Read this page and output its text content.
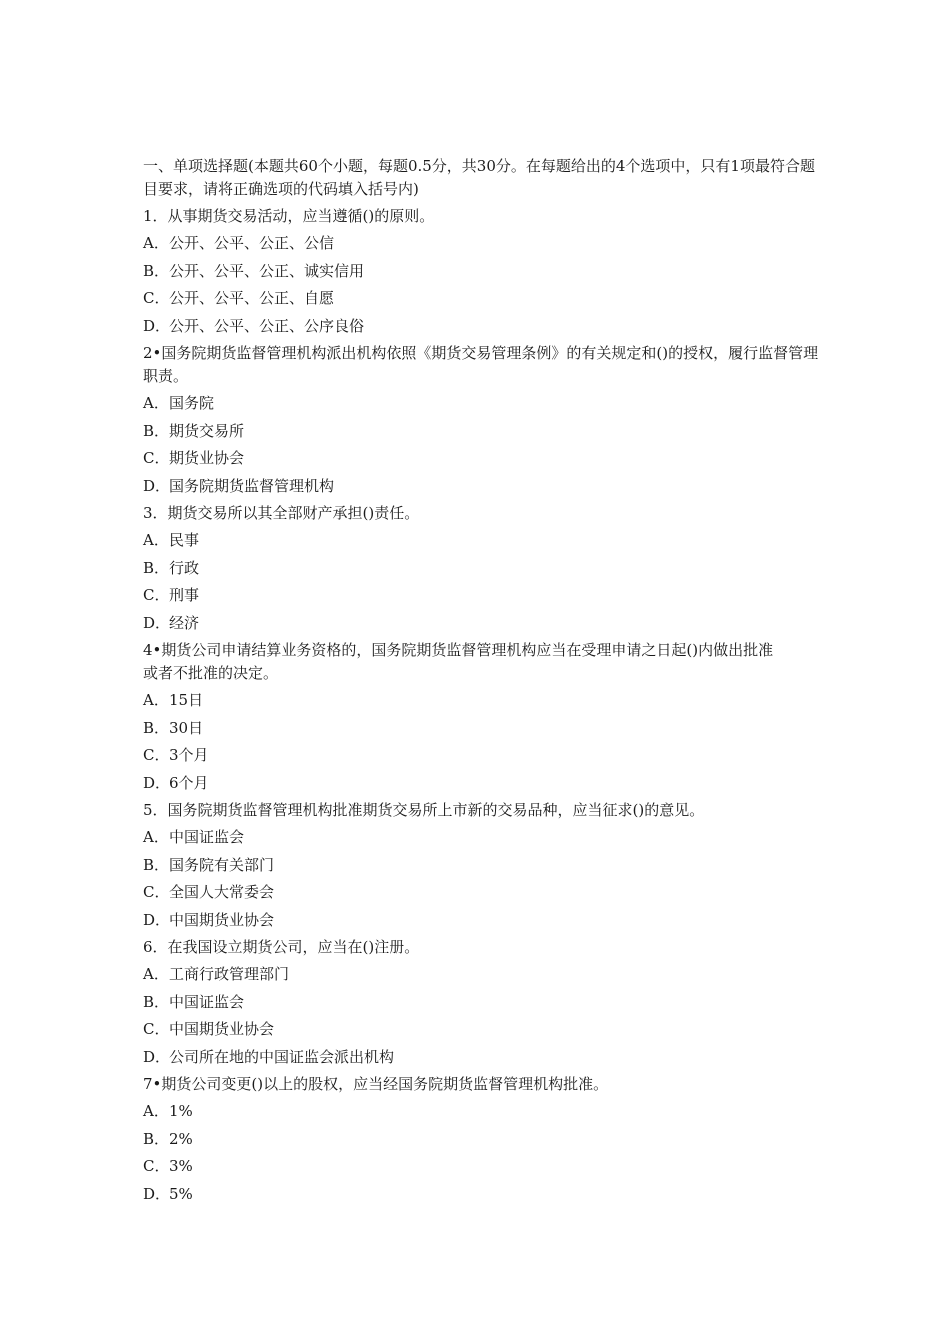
一、单项选择题(本题共60个小题，每题0.5分，共30分。在每题给出的4个选项中，只有1项最符合题目要求，请将正确选项的代码填入括号内)

1．从事期货交易活动，应当遵循()的原则。

A．公开、公平、公正、公信
B．公开、公平、公正、诚实信用
C．公开、公平、公正、自愿
D．公开、公平、公正、公序良俗

2•国务院期货监督管理机构派出机构依照《期货交易管理条例》的有关规定和()的授权，履行监督管理职责。

A．国务院
B．期货交易所
C．期货业协会
D．国务院期货监督管理机构

3．期货交易所以其全部财产承担()责任。

A．民事
B．行政
C．刑事
D．经济

4•期货公司申请结算业务资格的，国务院期货监督管理机构应当在受理申请之日起()内做出批准或者不批准的决定。

A．15日
B．30日
C．3个月
D．6个月

5．国务院期货监督管理机构批准期货交易所上市新的交易品种，应当征求()的意见。

A．中国证监会
B．国务院有关部门
C．全国人大常委会
D．中国期货业协会

6．在我国设立期货公司，应当在()注册。

A．工商行政管理部门
B．中国证监会
C．中国期货业协会
D．公司所在地的中国证监会派出机构

7•期货公司变更()以上的股权，应当经国务院期货监督管理机构批准。

A．1%
B．2%
C．3%
D．5%
